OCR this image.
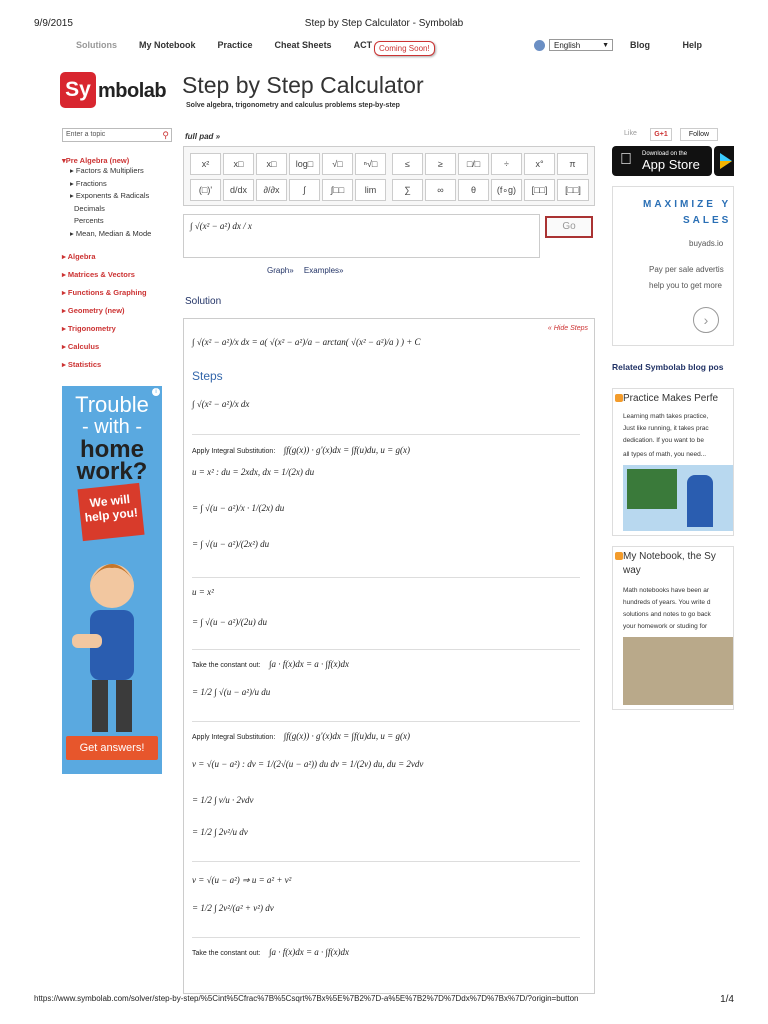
9/9/2015	Step by Step Calculator - Symbolab
Solutions My Notebook Practice Cheat Sheets ACT Coming Soon!	English	▼ Blog	Help
Sy mbolab Step by Step Calculator
Solve algebra, trigonometry and calculus problems step-by-step
Enter a topic	⚲
▾Pre Algebra (new)
▸ Factors & Multipliers
▸ Fractions
▸ Exponents & Radicals
Decimals
Percents
▸ Mean, Median & Mode
▸ Algebra
▸ Matrices & Vectors
▸ Functions & Graphing
▸ Geometry (new)
▸ Trigonometry
▸ Calculus
▸ Statistics
i
Trouble
- with -
home
work?
We will help you!
Get answers!
full pad »
x²	x□	x□	log□	√□	ⁿ√□	≤	≥	□/□	÷	x°	π
(□)'	d/dx	∂/∂x	∫	∫□□	lim	∑	∞	θ	(f∘g)	[□□]	[□□]
∫ √(x² − a²) dx / x	Go
Graph» Examples»
Solution
« Hide Steps
∫ √(x² − a²)/x dx = a( √(x² − a²)/a − arctan( √(x² − a²)/a ) ) + C
Steps
∫ √(x² − a²)/x dx
Apply Integral Substitution: ∫f(g(x)) · g'(x)dx = ∫f(u)du, u = g(x)
u = x² : du = 2xdx, dx = 1/(2x) du
= ∫ √(u − a²)/x · 1/(2x) du
= ∫ √(u − a²)/(2x²) du
u = x²
= ∫ √(u − a²)/(2u) du
Take the constant out: ∫a · f(x)dx = a · ∫f(x)dx
= 1/2 ∫ √(u − a²)/u du
Apply Integral Substitution: ∫f(g(x)) · g'(x)dx = ∫f(u)du, u = g(x)
v = √(u − a²) : dv = 1/(2√(u − a²)) du dv = 1/(2v) du, du = 2vdv
= 1/2 ∫ v/u · 2vdv
= 1/2 ∫ 2v²/u dv
v = √(u − a²) ⇒ u = a² + v²
= 1/2 ∫ 2v²/(a² + v²) dv
Take the constant out: ∫a · f(x)dx = a · ∫f(x)dx
Like	G+1	Follow
Download on the
App Store
MAXIMIZE Y
SALES
buyads.io
Pay per sale advertis
help you to get more
›
Related Symbolab blog pos
Practice Makes Perfe
Learning math takes practice,
Just like running, it takes prac
dedication. If you want to be
all types of math, you need...
My Notebook, the Sy
way
Math notebooks have been ar
hundreds of years. You write d
solutions and notes to go back
your homework or studing for
https://www.symbolab.com/solver/step-by-step/%5Cint%5Cfrac%7B%5Csqrt%7Bx%5E%7B2%7D-a%5E%7B2%7D%7Ddx%7D%7Bx%7D/?origin=button	1/4
